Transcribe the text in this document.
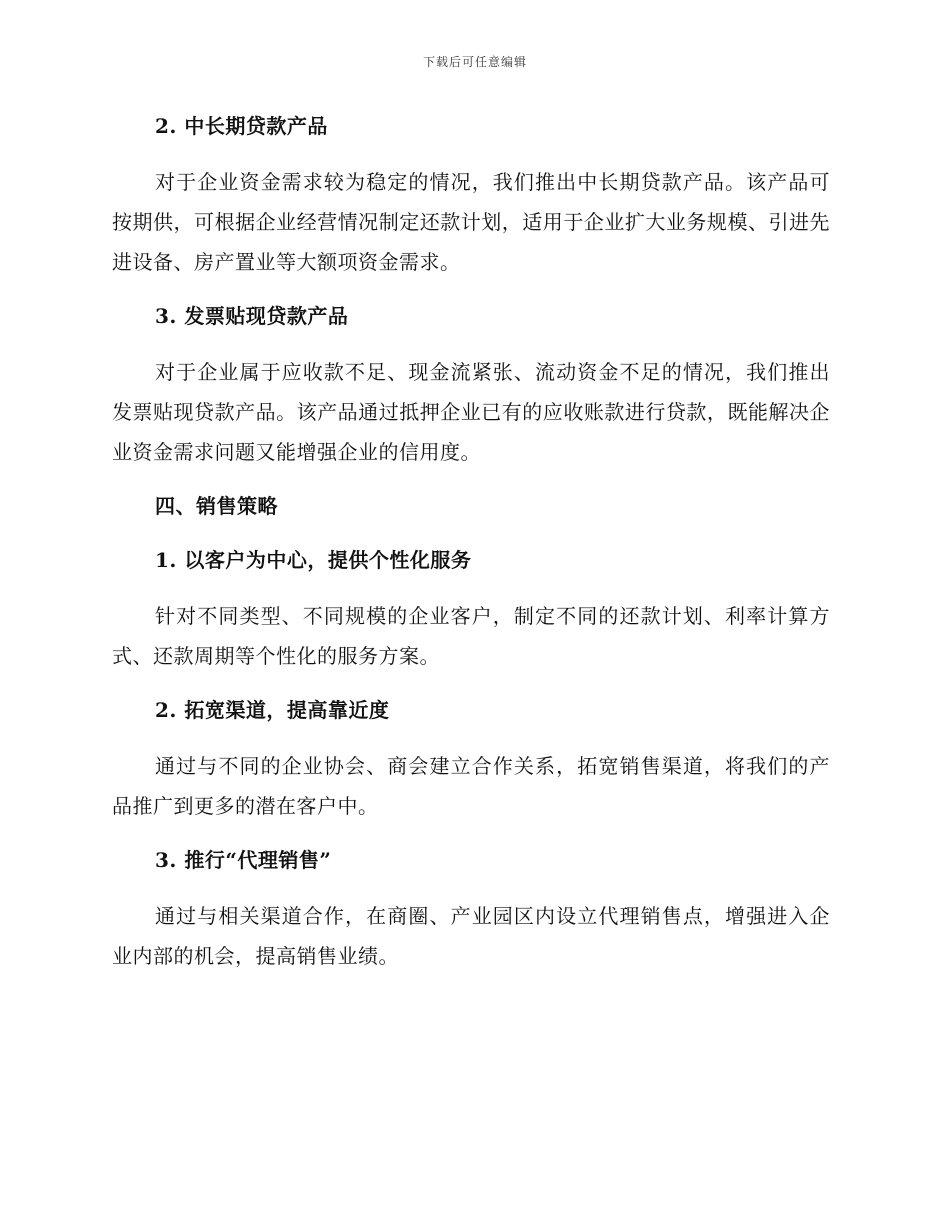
下载后可任意编辑
2. 中长期贷款产品

对于企业资金需求较为稳定的情况，我们推出中长期贷款产品。该产品可按期供，可根据企业经营情况制定还款计划，适用于企业扩大业务规模、引进先进设备、房产置业等大额项资金需求。

3. 发票贴现贷款产品

对于企业属于应收款不足、现金流紧张、流动资金不足的情况，我们推出发票贴现贷款产品。该产品通过抵押企业已有的应收账款进行贷款，既能解决企业资金需求问题又能增强企业的信用度。

四、销售策略
1. 以客户为中心，提供个性化服务

针对不同类型、不同规模的企业客户，制定不同的还款计划、利率计算方式、还款周期等个性化的服务方案。

2. 拓宽渠道，提高靠近度

通过与不同的企业协会、商会建立合作关系，拓宽销售渠道，将我们的产品推广到更多的潜在客户中。

3. 推行“代理销售”

通过与相关渠道合作，在商圈、产业园区内设立代理销售点，增强进入企业内部的机会，提高销售业绩。
